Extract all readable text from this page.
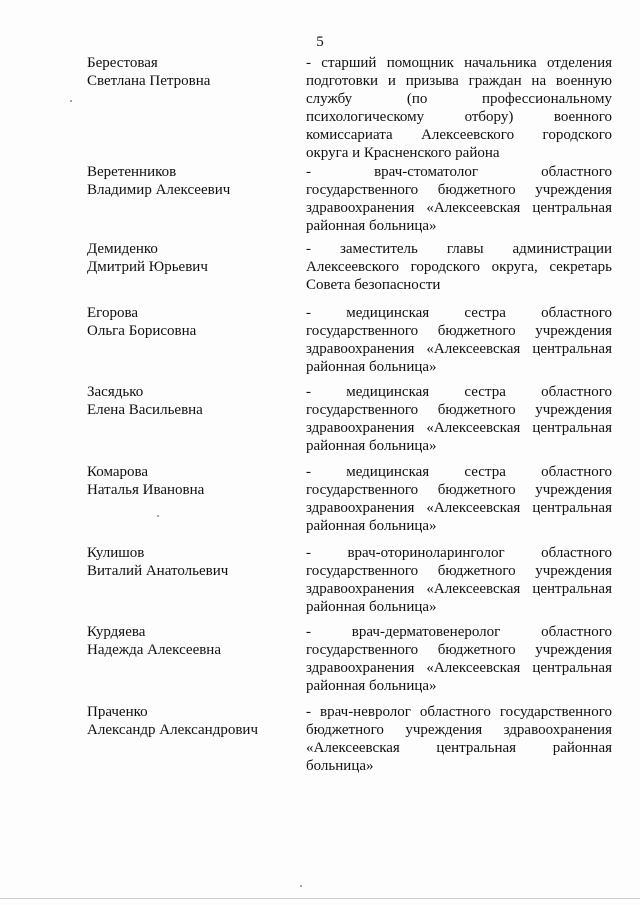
5
Берестовая
Светлана Петровна
- старший помощник начальника отделения
подготовки и призыва граждан на военную
службу (по профессиональному
психологическому отбору) военного
комиссариата Алексеевского городского
округа и Красненского района
Веретенников
Владимир Алексеевич
- врач-стоматолог областного
государственного бюджетного учреждения
здравоохранения «Алексеевская центральная
районная больница»
Демиденко
Дмитрий Юрьевич
- заместитель главы администрации
Алексеевского городского округа, секретарь
Совета безопасности
Егорова
Ольга Борисовна
- медицинская сестра областного
государственного бюджетного учреждения
здравоохранения «Алексеевская центральная
районная больница»
Засядько
Елена Васильевна
- медицинская сестра областного
государственного бюджетного учреждения
здравоохранения «Алексеевская центральная
районная больница»
Комарова
Наталья Ивановна
- медицинская сестра областного
государственного бюджетного учреждения
здравоохранения «Алексеевская центральная
районная больница»
Кулишов
Виталий Анатольевич
- врач-оториноларинголог областного
государственного бюджетного учреждения
здравоохранения «Алексеевская центральная
районная больница»
Курдяева
Надежда Алексеевна
- врач-дерматовенеролог областного
государственного бюджетного учреждения
здравоохранения «Алексеевская центральная
районная больница»
Праченко
Александр Александрович
- врач-невролог областного государственного
бюджетного учреждения здравоохранения
«Алексеевская центральная районная
больница»
